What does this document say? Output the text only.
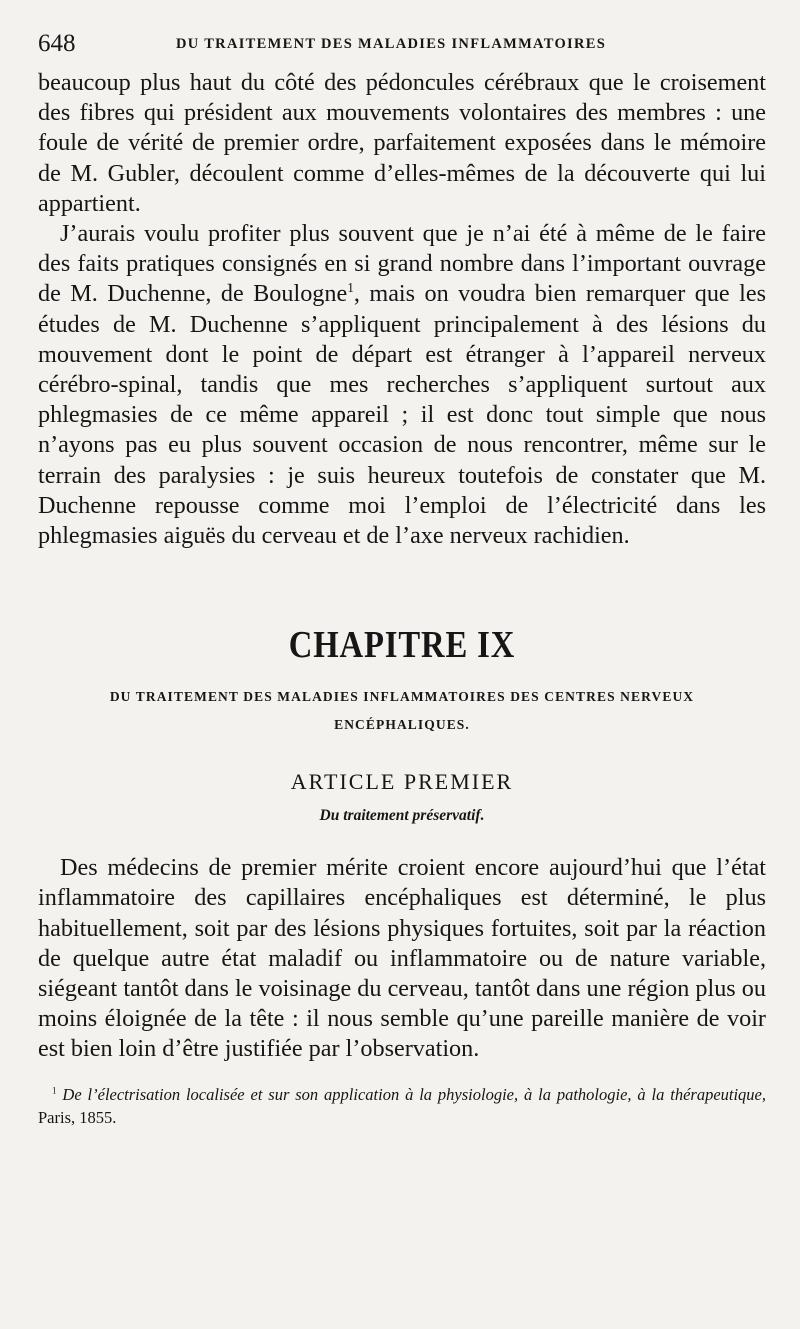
648	DU TRAITEMENT DES MALADIES INFLAMMATOIRES

beaucoup plus haut du côté des pédoncules cérébraux que le croisement des fibres qui président aux mouvements volontaires des membres : une foule de vérité de premier ordre, parfaitement exposées dans le mémoire de M. Gubler, découlent comme d’elles-mêmes de la découverte qui lui appartient.

J’aurais voulu profiter plus souvent que je n’ai été à même de le faire des faits pratiques consignés en si grand nombre dans l’important ouvrage de M. Duchenne, de Boulogne$^1$, mais on voudra bien remarquer que les études de M. Duchenne s’appliquent principalement à des lésions du mouvement dont le point de départ est étranger à l’appareil nerveux cérébro-spinal, tandis que mes recherches s’appliquent surtout aux phlegmasies de ce même appareil ; il est donc tout simple que nous n’ayons pas eu plus souvent occasion de nous rencontrer, même sur le terrain des paralysies : je suis heureux toutefois de constater que M. Duchenne repousse comme moi l’emploi de l’électricité dans les phlegmasies aiguës du cerveau et de l’axe nerveux rachidien.

CHAPITRE IX
DU TRAITEMENT DES MALADIES INFLAMMATOIRES DES CENTRES NERVEUX ENCÉPHALIQUES.
ARTICLE PREMIER
Du traitement préservatif.

Des médecins de premier mérite croient encore aujourd’hui que l’état inflammatoire des capillaires encéphaliques est déterminé, le plus habituellement, soit par des lésions physiques fortuites, soit par la réaction de quelque autre état maladif ou inflammatoire ou de nature variable, siégeant tantôt dans le voisinage du cerveau, tantôt dans une région plus ou moins éloignée de la tête : il nous semble qu’une pareille manière de voir est bien loin d’être justifiée par l’observation.

$^1$ De l’électrisation localisée et sur son application à la physiologie, à la pathologie, à la thérapeutique, Paris, 1855.
